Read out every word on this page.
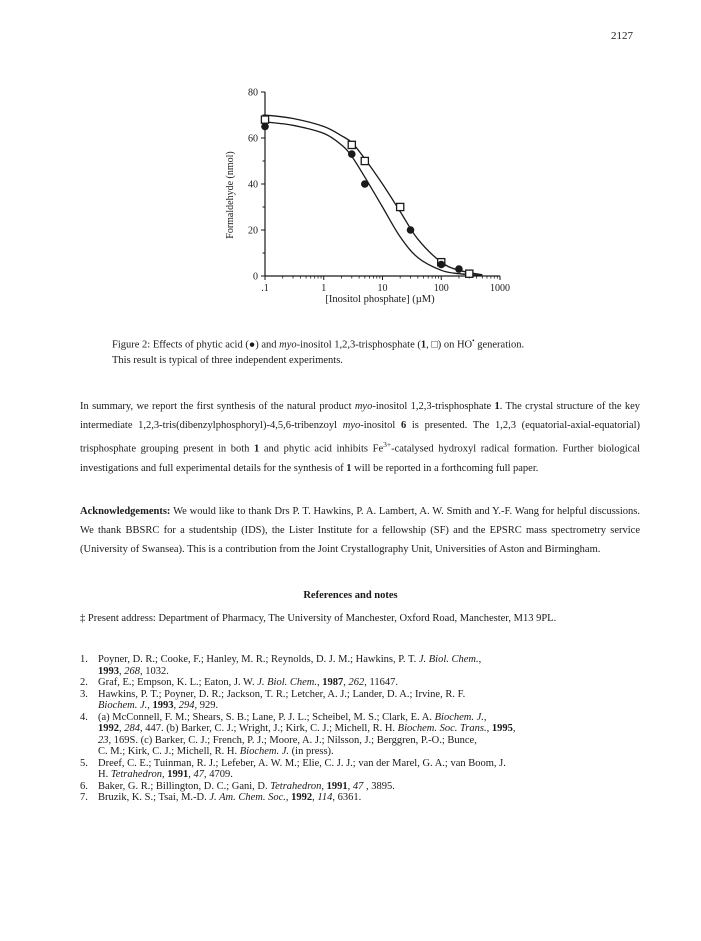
2127
0
20
40
60
80
.1	1	10	100	1000
[Inositol phosphate] (µM)
Formaldehyde (nmol)
Figure 2: Effects of phytic acid (●) and myo-inositol 1,2,3-trisphosphate (1, □) on HO• generation.
This result is typical of three independent experiments.

In summary, we report the first synthesis of the natural product myo-inositol 1,2,3-trisphosphate 1. The crystal structure of the key intermediate 1,2,3-tris(dibenzylphosphoryl)-4,5,6-tribenzoyl myo-inositol 6 is presented. The 1,2,3 (equatorial-axial-equatorial) trisphosphate grouping present in both 1 and phytic acid inhibits $Fe^{3+}$-catalysed hydroxyl radical formation. Further biological investigations and full experimental details for the synthesis of 1 will be reported in a forthcoming full paper.

Acknowledgements: We would like to thank Drs P. T. Hawkins, P. A. Lambert, A. W. Smith and Y.-F. Wang for helpful discussions. We thank BBSRC for a studentship (IDS), the Lister Institute for a fellowship (SF) and the EPSRC mass spectrometry service (University of Swansea). This is a contribution from the Joint Crystallography Unit, Universities of Aston and Birmingham.

References and notes
‡ Present address: Department of Pharmacy, The University of Manchester, Oxford Road, Manchester, M13 9PL.
1. Poyner, D. R.; Cooke, F.; Hanley, M. R.; Reynolds, D. J. M.; Hawkins, P. T. J. Biol. Chem.,
1993, 268, 1032.
2. Graf, E.; Empson, K. L.; Eaton, J. W. J. Biol. Chem., 1987, 262, 11647.
3. Hawkins, P. T.; Poyner, D. R.; Jackson, T. R.; Letcher, A. J.; Lander, D. A.; Irvine, R. F.
Biochem. J., 1993, 294, 929.
4. (a) McConnell, F. M.; Shears, S. B.; Lane, P. J. L.; Scheibel, M. S.; Clark, E. A. Biochem. J.,
1992, 284, 447. (b) Barker, C. J.; Wright, J.; Kirk, C. J.; Michell, R. H. Biochem. Soc. Trans., 1995,
23, 169S. (c) Barker, C. J.; French, P. J.; Moore, A. J.; Nilsson, J.; Berggren, P.-O.; Bunce,
C. M.; Kirk, C. J.; Michell, R. H. Biochem. J. (in press).
5. Dreef, C. E.; Tuinman, R. J.; Lefeber, A. W. M.; Elie, C. J. J.; van der Marel, G. A.; van Boom, J.
H. Tetrahedron, 1991, 47, 4709.
6. Baker, G. R.; Billington, D. C.; Gani, D. Tetrahedron, 1991, 47 , 3895.
7. Bruzik, K. S.; Tsai, M.-D. J. Am. Chem. Soc., 1992, 114, 6361.
